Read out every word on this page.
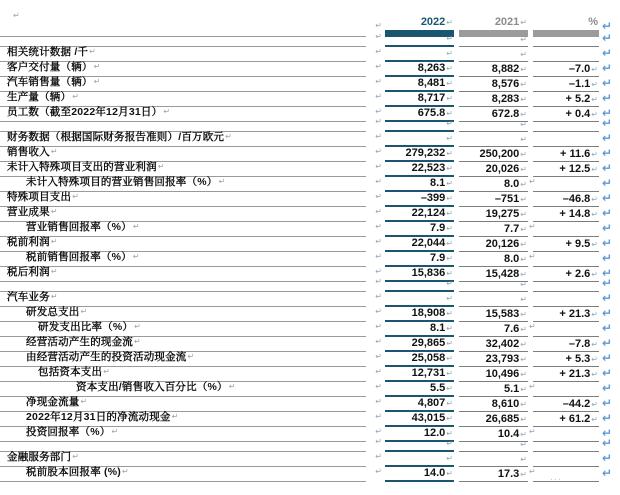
↵
↵	2022 ↵	2021 ↵	% ↵
↵	↵	↵	↵
相关统计数据 /千↵	↵	↵	↵	↵
客户交付量（辆）↵	↵	8,263 ↵	8,882 ↵	–7.0 ↵ ↵
汽车销售量（辆）↵	↵	8,481 ↵	8,576 ↵	–1.1 ↵ ↵
生产量（辆）↵	↵	8,717 ↵	8,283 ↵	+ 5.2 ↵ ↵
员工数（截至2022年12月31日）↵	↵	675.8 ↵	672.8 ↵	+ 0.4 ↵ ↵
↵	↵	↵	↵
财务数据（根据国际财务报告准则）/百万欧元↵	↵	↵	↵	↵
销售收入↵	↵ 279,232 ↵ 250,200 ↵	+ 11.6 ↵ ↵
未计入特殊项目支出的营业利润↵	↵	22,523 ↵	20,026 ↵	+ 12.5 ↵ ↵
未计入特殊项目的营业销售回报率（%）↵	↵	8.1 ↵	8.0 ↵ ↵	↵
特殊项目支出↵	↵	–399 ↵	–751 ↵	–46.8 ↵ ↵
营业成果↵	↵	22,124 ↵	19,275 ↵	+ 14.8 ↵ ↵
营业销售回报率（%）↵	↵	7.9 ↵	7.7 ↵ ↵	↵
税前利润↵	↵	22,044 ↵	20,126 ↵	+ 9.5 ↵ ↵
税前销售回报率（%）↵	↵	7.9 ↵	8.0 ↵ ↵	↵
税后利润↵	↵	15,836 ↵	15,428 ↵	+ 2.6 ↵ ↵
↵	↵	↵	↵
汽车业务↵	↵	↵	↵	↵
研发总支出↵	↵	18,908 ↵	15,583 ↵	+ 21.3 ↵ ↵
研发支出比率（%）↵	↵	8.1 ↵	7.6 ↵ ↵	↵
经营活动产生的现金流↵	↵	29,865 ↵	32,402 ↵	–7.8 ↵ ↵
由经营活动产生的投资活动现金流↵	↵	25,058 ↵	23,793 ↵	+ 5.3 ↵ ↵
包括资本支出↵	↵	12,731 ↵	10,496 ↵	+ 21.3 ↵ ↵
资本支出/销售收入百分比（%）↵	↵	5.5 ↵	5.1 ↵ ↵	↵
净现金流量↵	↵	4,807 ↵	8,610 ↵	–44.2 ↵ ↵
2022年12月31日的净流动现金↵	↵	43,015 ↵	26,685 ↵	+ 61.2 ↵ ↵
投资回报率（%）↵	↵	12.0 ↵	10.4 ↵ ↵	↵
↵	↵	↵	↵
金融服务部门↵	↵	↵	↵	↵
税前股本回报率 (%)↵	↵	14.0 ↵	17.3 ↵ ↵	↵
...
